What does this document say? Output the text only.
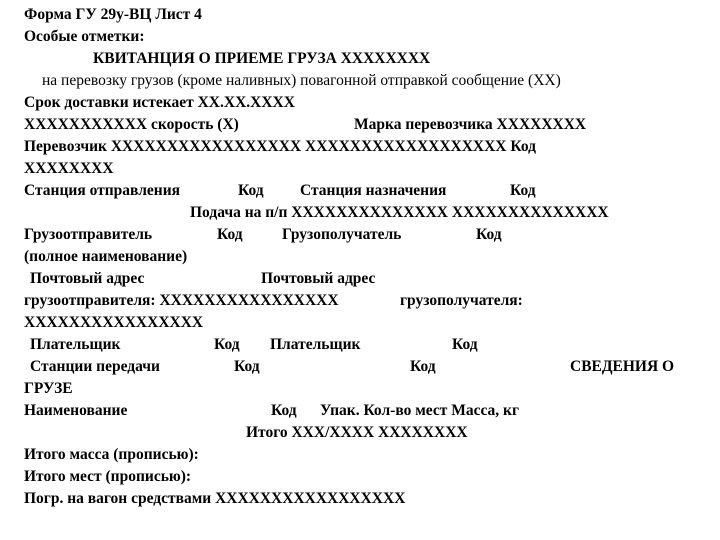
Форма ГУ 29у-ВЦ Лист 4
Особые отметки:
КВИТАНЦИЯ О ПРИЕМЕ ГРУЗА XXXXXXXX
на перевозку грузов (кроме наливных) повагонной отправкой сообщение (XX)
Срок доставки истекает XX.XX.XXXX
XXXXXXXXXXX скорость (X)	Марка перевозчика XXXXXXXX
Перевозчик XXXXXXXXXXXXXXXXX XXXXXXXXXXXXXXXXXX Код
XXXXXXXX
Станция отправления	Код Станция назначения	Код
Подача на п/п XXXXXXXXXXXXXX XXXXXXXXXXXXXX
Грузоотправитель	Код	Грузополучатель	Код
(полное наименование)
Почтовый адрес	Почтовый адрес
грузоотправителя: XXXXXXXXXXXXXXXX	грузополучателя:
XXXXXXXXXXXXXXXX
Плательщик	Код Плательщик	Код
Станции передачи	Код	Код	СВЕДЕНИЯ О
ГРУЗЕ
Наименование	Код Упак. Кол-во мест Масса, кг
Итого XXX/XXXX XXXXXXXX
Итого масса (прописью):
Итого мест (прописью):
Погр. на вагон средствами XXXXXXXXXXXXXXXXX
